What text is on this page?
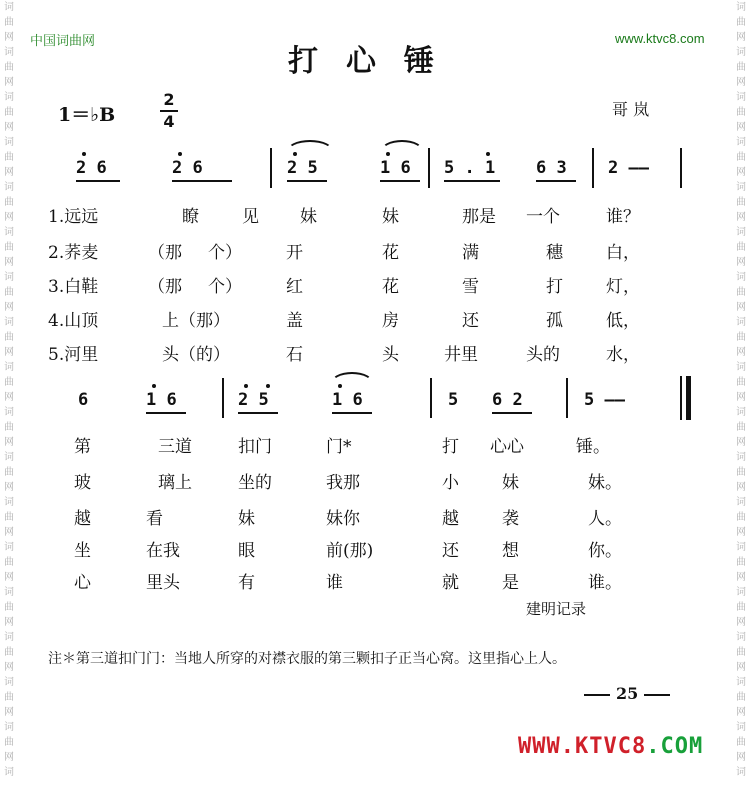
词
曲
网
词
曲
网
词
曲
网
词
曲
网
词
曲
网
词
曲
网
词
曲
网
词
曲
网
词
曲
网
词
曲
网
词
曲
网
词
曲
网
词
曲
网
词
曲
网
词
曲
网
词
曲
网
词
曲
网
词
词
曲
网
词
曲
网
词
曲
网
词
曲
网
词
曲
网
词
曲
网
词
曲
网
词
曲
网
词
曲
网
词
曲
网
词
曲
网
词
曲
网
词
曲
网
词
曲
网
词
曲
网
词
曲
网
词
曲
网
词
中国词曲网	www.ktvc8.com
打心锤
1＝♭B
2
4
哥 岚
2 6	2 6	2 5	1 6 5 . 1 6 3 2 ——
1.远远	瞭	见 妹	妹	那是 一个	谁？
2.荞麦	（那 个）	开	花	满	穗	白，
3.白鞋	（那 个）	红	花	雪	打	灯，
4.山顶	上（那）	盖	房	还	孤	低，
5.河里	头（的）	石	头	井里	头的	水，
6	1 6	2 5	1 6	5 6 2	5 ——
第	三道	扣门	门*	打 心心	锤。
玻	璃上	坐的	我那	小	妹	妹。
越	看	妹	妹你	越	袭	人。
坐	在我	眼	前(那)	还	想	你。
心	里头	有	谁	就	是	谁。
建明记录
注＊第三道扣门门：当地人所穿的对襟衣服的第三颗扣子正当心窝。这里指心上人。
25
WWW.KTVC8.COM
